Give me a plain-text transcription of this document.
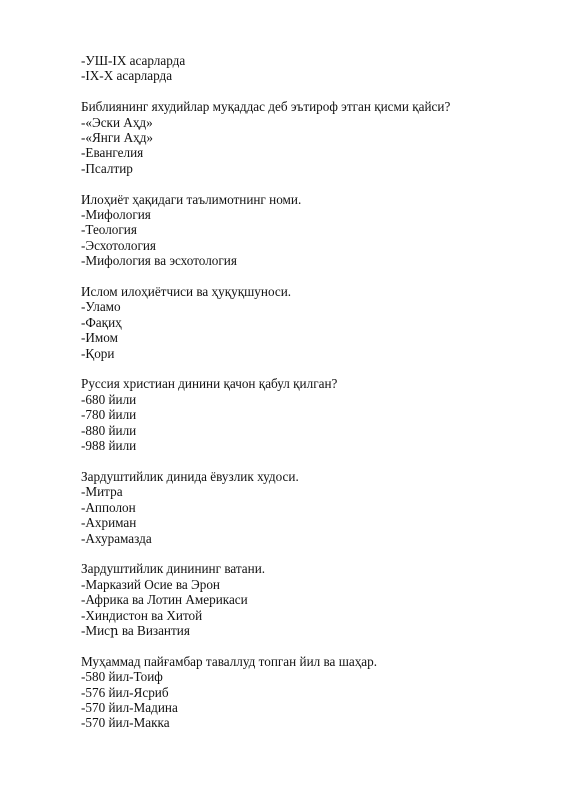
-УШ-IX асарларда
-IX-X асарларда
Библиянинг яхудийлар муқаддас деб эътироф этган қисми қайси?
-«Эски Аҳд»
-«Янги Аҳд»
-Евангелия
-Псалтир
Илоҳиёт ҳақидаги таълимотнинг номи.
-Мифология
-Теология
-Эсхотология
-Мифология ва эсхотология
Ислом илоҳиётчиси ва ҳуқуқшуноси.
-Уламо
-Фақиҳ
-Имом
-Қори
Руссия христиан динини қачон қабул қилган?
-680 йили
-780 йили
-880 йили
-988 йили
Зардуштийлик динида ёвузлик худоси.
-Митра
-Апполон
-Ахриман
-Ахурамазда
Зардуштийлик динининг ватани.
-Марказий Осие ва Эрон
-Африка ва Лотин Америкаси
-Хиндистон ва Хитой
-Мисր ва Византия
Муҳаммад пайғамбар таваллуд топган йил ва шаҳар.
-580 йил-Тоиф
-576 йил-Ясриб
-570 йил-Мадина
-570 йил-Макка
